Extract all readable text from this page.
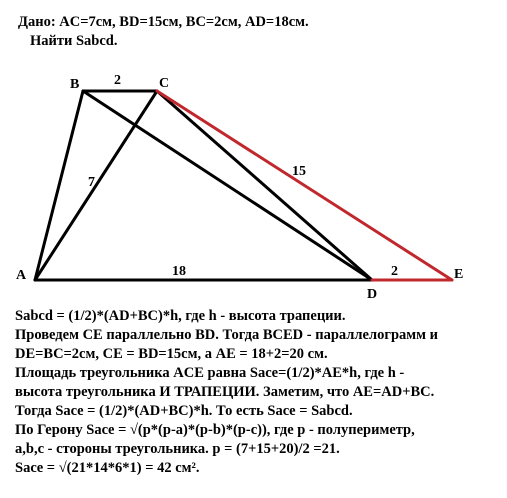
Дано: AC=7см, BD=15см, BC=2см, AD=18см.
Найти Sabcd.
A
B	C
D
E
2
7
15
18	2
Sabcd = (1/2)*(AD+BC)*h, где h - высота трапеции.
Проведем CE параллельно BD. Тогда BCED - параллелограмм и
DE=BC=2см, CE = BD=15см, а AE = 18+2=20 см.
Площадь треугольника ACE равна Sace=(1/2)*AE*h, где h -
высота треугольника И ТРАПЕЦИИ. Заметим, что AE=AD+BC.
Тогда Sace = (1/2)*(AD+BC)*h. То есть Sace = Sabcd.
По Герону Sace = √(p*(p-a)*(p-b)*(p-c)), где p - полупериметр,
a,b,c - стороны треугольника. p = (7+15+20)/2 =21.
Sace = √(21*14*6*1) = 42 см².
